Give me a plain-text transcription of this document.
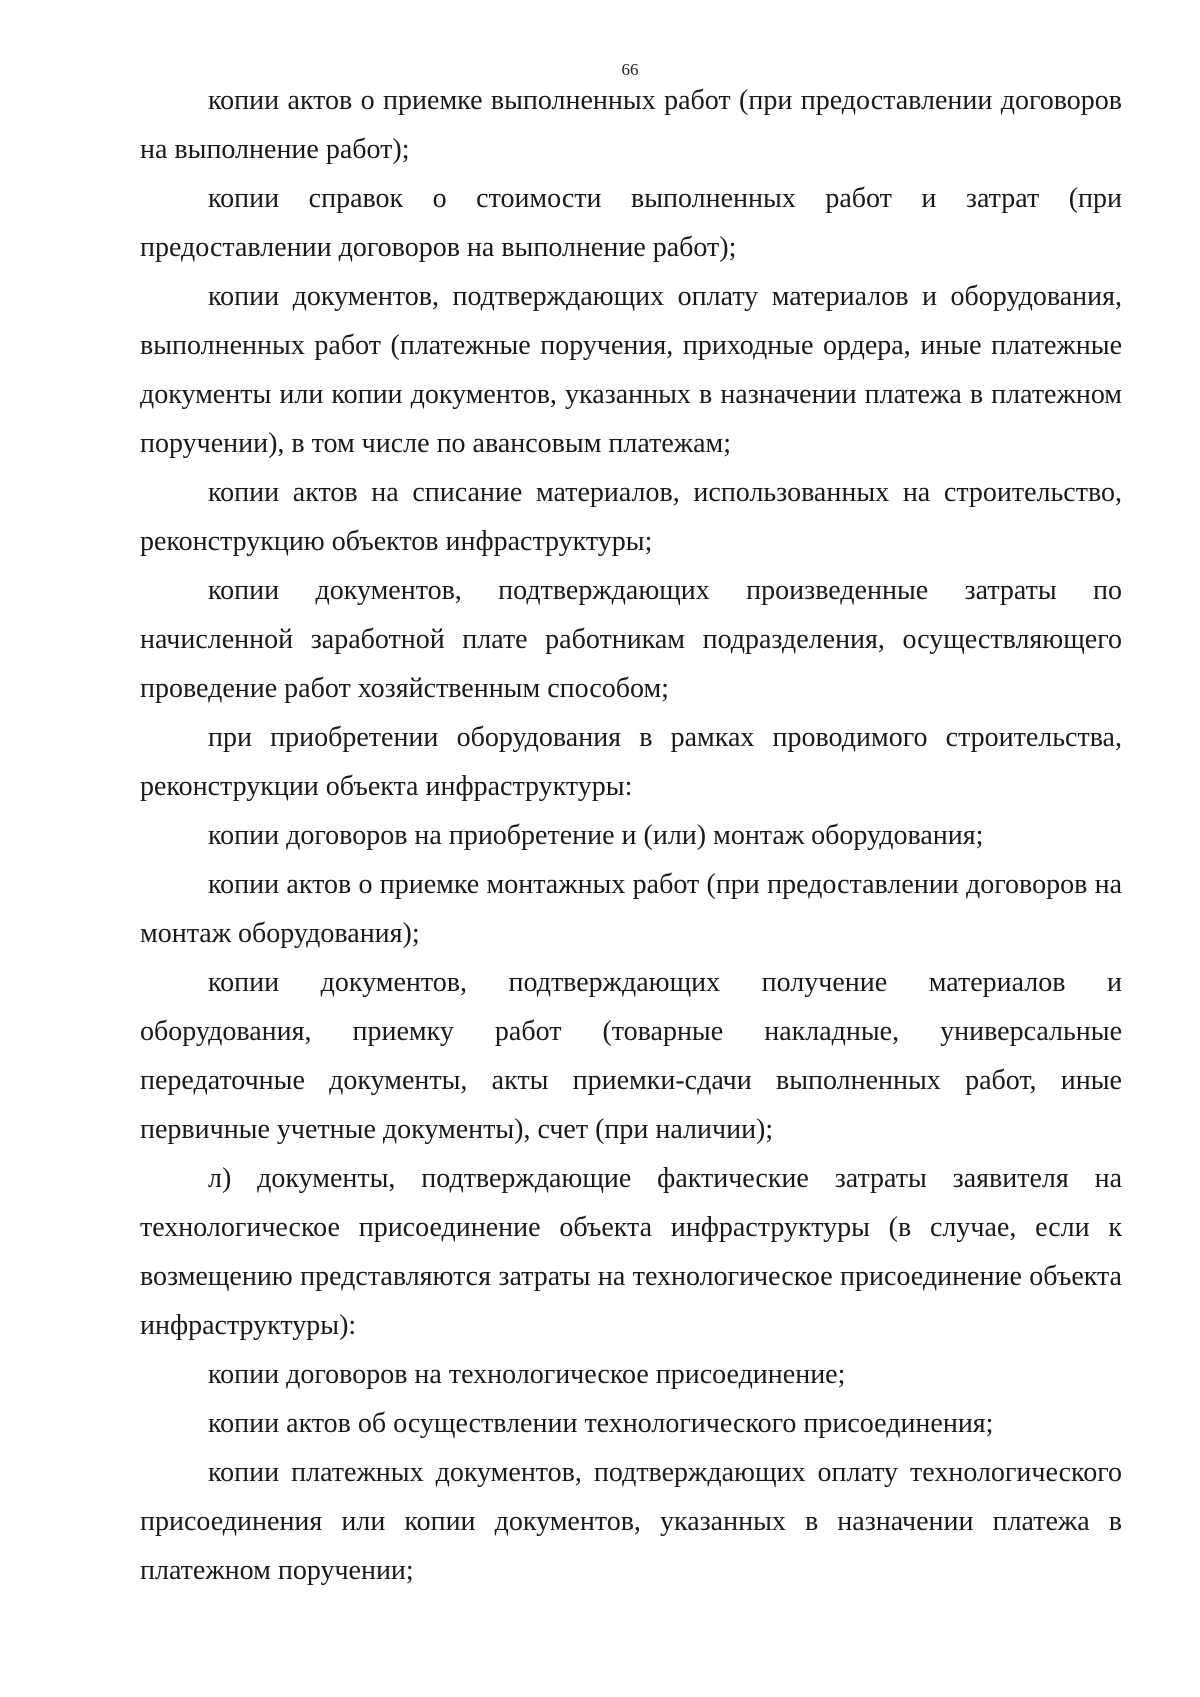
66

копии актов о приемке выполненных работ (при предоставлении договоров на выполнение работ);

копии справок о стоимости выполненных работ и затрат (при предоставлении договоров на выполнение работ);

копии документов, подтверждающих оплату материалов и оборудования, выполненных работ (платежные поручения, приходные ордера, иные платежные документы или копии документов, указанных в назначении платежа в платежном поручении), в том числе по авансовым платежам;

копии актов на списание материалов, использованных на строительство, реконструкцию объектов инфраструктуры;

копии документов, подтверждающих произведенные затраты по начисленной заработной плате работникам подразделения, осуществляющего проведение работ хозяйственным способом;

при приобретении оборудования в рамках проводимого строительства, реконструкции объекта инфраструктуры:

копии договоров на приобретение и (или) монтаж оборудования;

копии актов о приемке монтажных работ (при предоставлении договоров на монтаж оборудования);

копии документов, подтверждающих получение материалов и оборудования, приемку работ (товарные накладные, универсальные передаточные документы, акты приемки-сдачи выполненных работ, иные первичные учетные документы), счет (при наличии);

л) документы, подтверждающие фактические затраты заявителя на технологическое присоединение объекта инфраструктуры (в случае, если к возмещению представляются затраты на технологическое присоединение объекта инфраструктуры):

копии договоров на технологическое присоединение;

копии актов об осуществлении технологического присоединения;

копии платежных документов, подтверждающих оплату технологического присоединения или копии документов, указанных в назначении платежа в платежном поручении;
